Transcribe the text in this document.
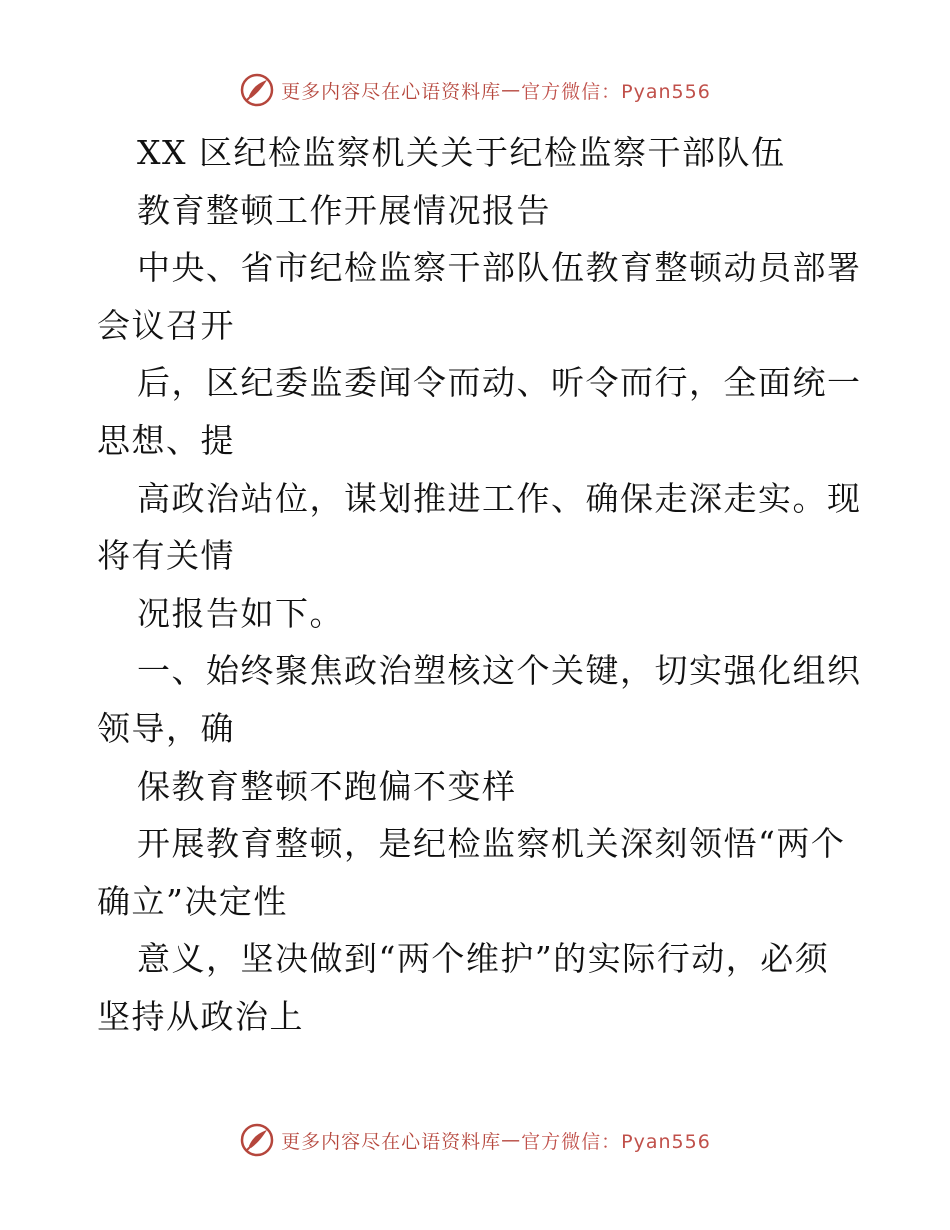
更多内容尽在心语资料库 — 官方微信：Pyan556
XX 区纪检监察机关关于纪检监察干部队伍
教育整顿工作开展情况报告
中央、省市纪检监察干部队伍教育整顿动员部署
会议召开
后，区纪委监委闻令而动、听令而行，全面统一
思想、提
高政治站位，谋划推进工作、确保走深走实。现
将有关情
况报告如下。
一、始终聚焦政治塑核这个关键，切实强化组织
领导，确
保教育整顿不跑偏不变样
开展教育整顿，是纪检监察机关深刻领悟“两个
确立”决定性
意义，坚决做到“两个维护”的实际行动，必须
坚持从政治上
更多内容尽在心语资料库 — 官方微信：Pyan556
